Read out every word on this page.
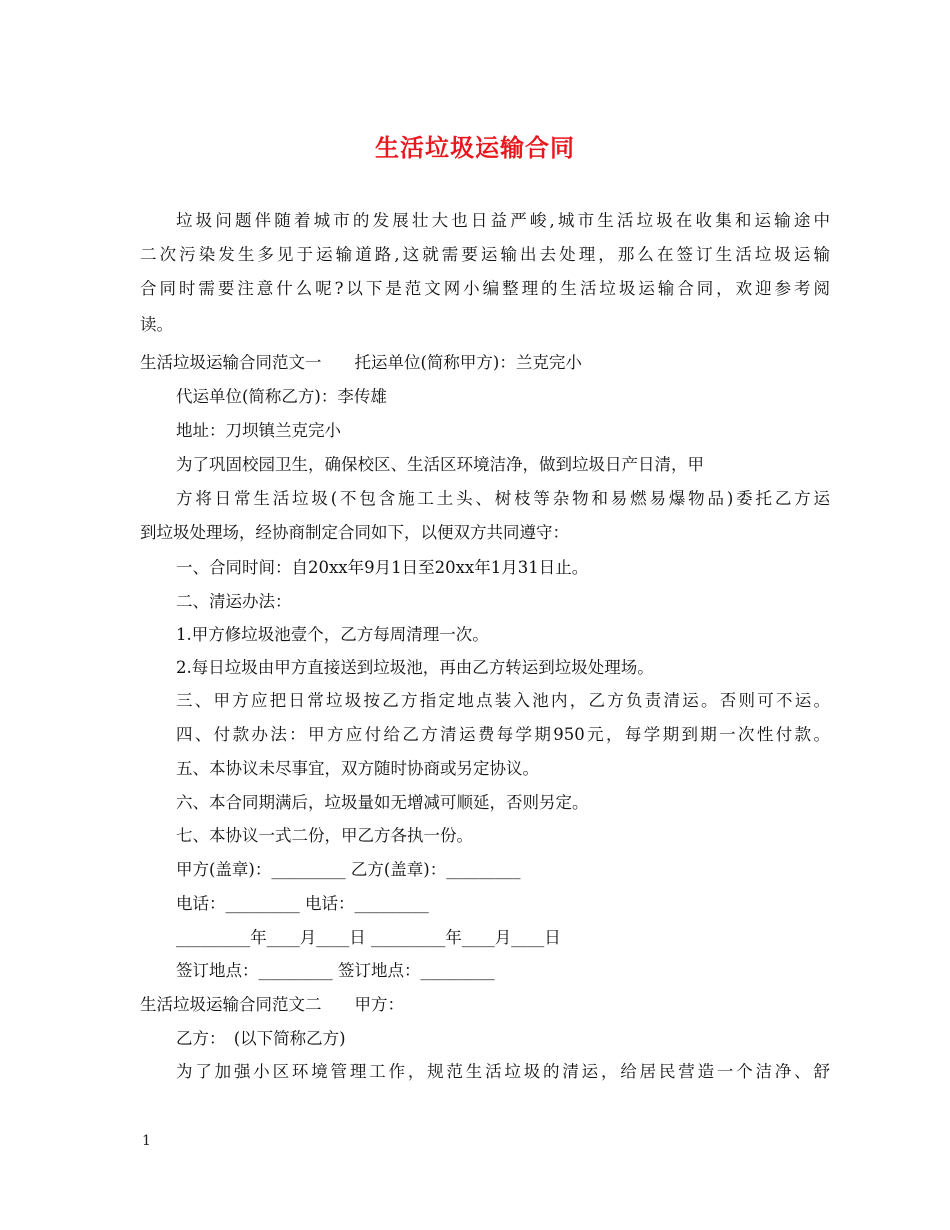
生活垃圾运输合同

垃圾问题伴随着城市的发展壮大也日益严峻,城市生活垃圾在收集和运输途中

二次污染发生多见于运输道路,这就需要运输出去处理，那么在签订生活垃圾运输

合同时需要注意什么呢?以下是范文网小编整理的生活垃圾运输合同，欢迎参考阅

读。

生活垃圾运输合同范文一　　托运单位(简称甲方)：兰克完小

代运单位(简称乙方)：李传雄

地址：刀坝镇兰克完小

为了巩固校园卫生，确保校区、生活区环境洁净，做到垃圾日产日清，甲

方将日常生活垃圾(不包含施工土头、树枝等杂物和易燃易爆物品)委托乙方运

到垃圾处理场，经协商制定合同如下，以便双方共同遵守：

一、合同时间：自20xx年9月1日至20xx年1月31日止。

二、清运办法：

1.甲方修垃圾池壹个，乙方每周清理一次。

2.每日垃圾由甲方直接送到垃圾池，再由乙方转运到垃圾处理场。

三、甲方应把日常垃圾按乙方指定地点装入池内，乙方负责清运。否则可不运。

四、付款办法：甲方应付给乙方清运费每学期950元，每学期到期一次性付款。

五、本协议未尽事宜，双方随时协商或另定协议。

六、本合同期满后，垃圾量如无增减可顺延，否则另定。

七、本协议一式二份，甲乙方各执一份。

甲方(盖章)：_________ 乙方(盖章)：_________

电话：_________ 电话：_________

_________年____月____日 _________年____月____日

签订地点：_________ 签订地点：_________

生活垃圾运输合同范文二　　甲方：

乙方：　(以下简称乙方)

为了加强小区环境管理工作，规范生活垃圾的清运，给居民营造一个洁净、舒

1
